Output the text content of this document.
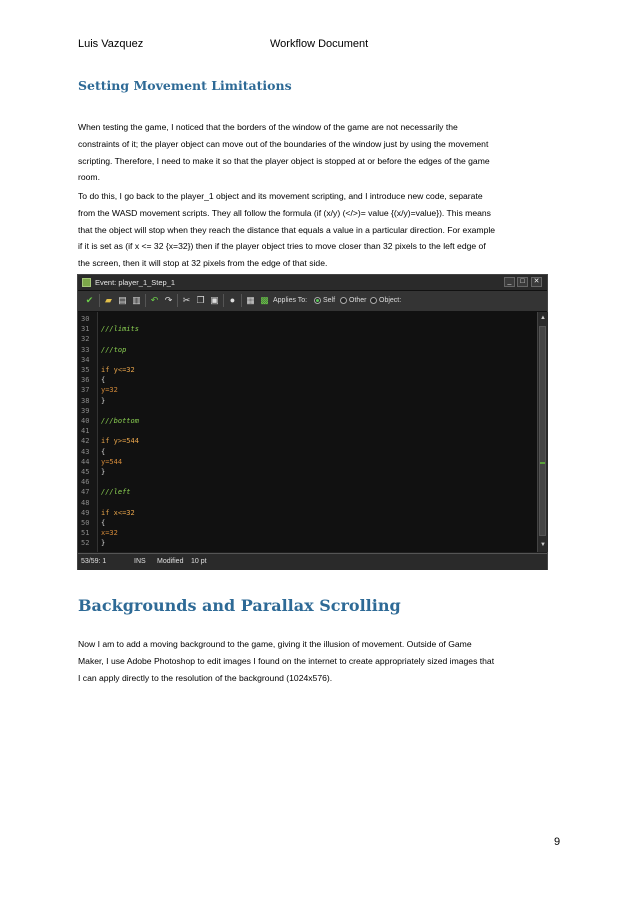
Luis Vazquez	Workflow Document
Setting Movement Limitations
When testing the game, I noticed that the borders of the window of the game are not necessarily the
constraints of it; the player object can move out of the boundaries of the window just by using the movement
scripting. Therefore, I need to make it so that the player object is stopped at or before the edges of the game
room.
To do this, I go back to the player_1 object and its movement scripting, and I introduce new code, separate
from the WASD movement scripts. They all follow the formula (if (x/y) (</>)= value {(x/y)=value}). This means
that the object will stop when they reach the distance that equals a value in a particular direction. For example
if it is set as (if x <= 32 {x=32}) then if the player object tries to move closer than 32 pixels to the left edge of
the screen, then it will stop at 32 pixels from the edge of that side.
Event: player_1_Step_1	_	□	✕
✔ ▰ ▤ ▥ ↶ ↷ ✂ ❐ ▣	●	▦ ▩ Applies To: Self Other Object:
30
31 ///limits
32
33 ///top
34
35 if y<=32
36 {
37 y=32
38 }
39
40 ///bottom
41
42 if y>=544
43 {
44 y=544
45 }
46
47 ///left
48
49 if x<=32
50 {
51 x=32
52 }
▲
▼
53/59: 1	INS Modified 10 pt
Backgrounds and Parallax Scrolling
Now I am to add a moving background to the game, giving it the illusion of movement. Outside of Game
Maker, I use Adobe Photoshop to edit images I found on the internet to create appropriately sized images that
I can apply directly to the resolution of the background (1024x576).
9
